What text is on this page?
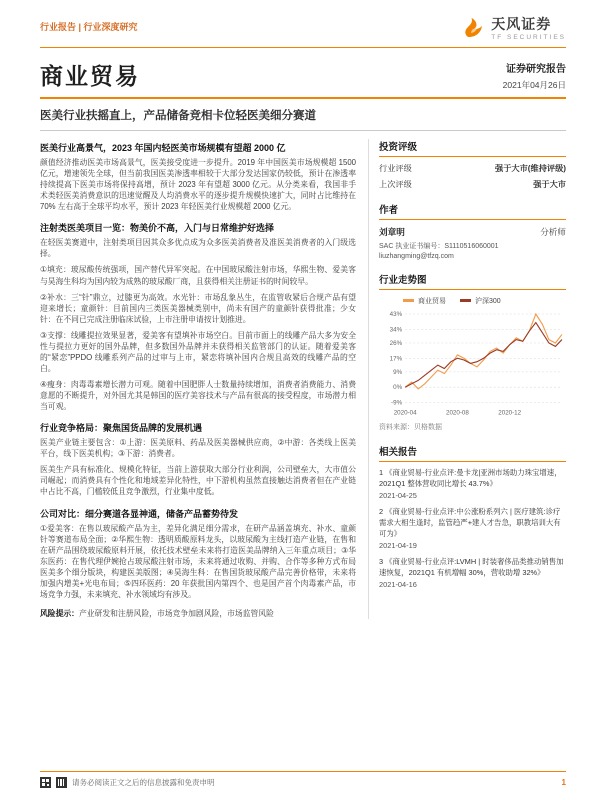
行业报告 | 行业深度研究	天风证券
TF SECURITIES
商业贸易	证券研究报告
2021年04月26日
医美行业扶摇直上，产品储备竞相卡位轻医美细分赛道
医美行业高景气，2023 年国内轻医美市场规模有望超 2000 亿

颜值经济推动医美市场高景气，医美接受度进一步提升。2019 年中国医美市场规模超 1500 亿元，增速领先全球，但当前我国医美渗透率相较于大部分发达国家仍较低，预计在渗透率持续提高下医美市场将保持高增，预计 2023 年有望超 3000 亿元。从分类来看，我国非手术类轻医美消费意识的迅速觉醒及人均消费水平的逐步提升规模快速扩大，同时占比维持在 70% 左右高于全球平均水平，预计 2023 年轻医美行业规模超 2000 亿元。

注射类医美项目一览：物美价不高，入门与日常维护好选择

在轻医美赛道中，注射类项目因其众多优点成为众多医美消费者及准医美消费者的入门级选择。

①填充：玻尿酸传统强项，国产替代异军突起。在中国玻尿酸注射市场，华熙生物、爱美客与昊海生科均为国内较为成熟的玻尿酸厂商，且获得相关注册证书的时间较早。

②补水：三“针”鼎立，过膝更为高效。水光针：市场乱象丛生，在监管收紧后合规产品有望迎来增长；童颜针：目前国内三类医美器械类别中，尚未有国产的童颜针获得批准；少女针：在不同已完成注册临床试验，上市注册申请按计划推进。

③支撑：线雕提拉效果显著，爱美客有望填补市场空白。目前市面上的线雕产品大多为安全性与提拉力更好的国外品牌，但多数国外品牌并未获得相关监管部门的认证。随着爱美客的“紧恋”PPDO 线雕系列产品的过审与上市，紧恋将填补国内合规且高效的线雕产品的空白。

④瘦身：肉毒毒素增长潜力可观。随着中国肥胖人士数量持续增加，消费者消费能力、消费意愿的不断提升，对外国尤其是韩国的医疗美容技术与产品有很高的接受程度，市场潜力相当可观。

行业竞争格局：聚焦国货品牌的发展机遇

医美产业链主要包含：①上游：医美原料、药品及医美器械供应商，②中游：各类线上医美平台，线下医美机构；③下游：消费者。

医美生产具有标准化、规模化特征，当前上游获取大部分行业利润，公司壁垒大，大市值公司崛起；而消费具有个性化和地域差异化特性，中下游机构虽然直接触达消费者但在产业链中占比不高，门槛较低且竞争激烈，行业集中度低。

公司对比：细分赛道各显神通，储备产品蓄势待发

①爱美客：在售以玻尿酸产品为主，差异化满足细分需求，在研产品涵盖填充、补水、童颜针等赛道布局全面；②华熙生物：透明质酸原料龙头，以玻尿酸为主线打造产业链，在售和在研产品围绕玻尿酸原料开展，依托技术壁垒未来将打造医美品牌纳入三年重点项目；③华东医药：在售代理伊婉抢占玻尿酸注射市场，未来将通过收购、并购、合作等多种方式布局医美多个细分版块，构建医美版图；④昊海生科：在售国货玻尿酸产品完善价格带，未来将加强内增美+光电布局；⑤四环医药：20 年获批国内第四个、也是国产首个肉毒素产品，市场竞争力强，未来填充、补水领域均有涉及。

风险提示：产业研发和注册风险，市场竞争加剧风险，市场监管风险

投资评级
行业评级	强于大市(维持评级)
上次评级	强于大市
作者
刘章明	分析师
SAC 执业证书编号：S1110516060001
liuzhangming@tfzq.com
行业走势图
商业贸易	沪深300
43%
34%
26%
17%
9%
0%
-9%
2020-04	2020-08	2020-12
资料来源：贝格数据
相关报告
1 《商业贸易-行业点评:曼卡龙|亚洲市场助力珠宝增速，2021Q1 整体营收同比增长 43.7%》
2021-04-25
2 《商业贸易-行业点评:中公涨粉系列六 | 医疗建筑:诊疗需求大相生逢时，监管趋严+建人才告急，职教培训大有可为》
2021-04-19
3 《商业贸易-行业点评:LVMH | 时装奢侈品类推动销售加速恢复，2021Q1 有机增幅 30%，营收助增 32%》
2021-04-16
请务必阅读正文之后的信息披露和免责申明	1
